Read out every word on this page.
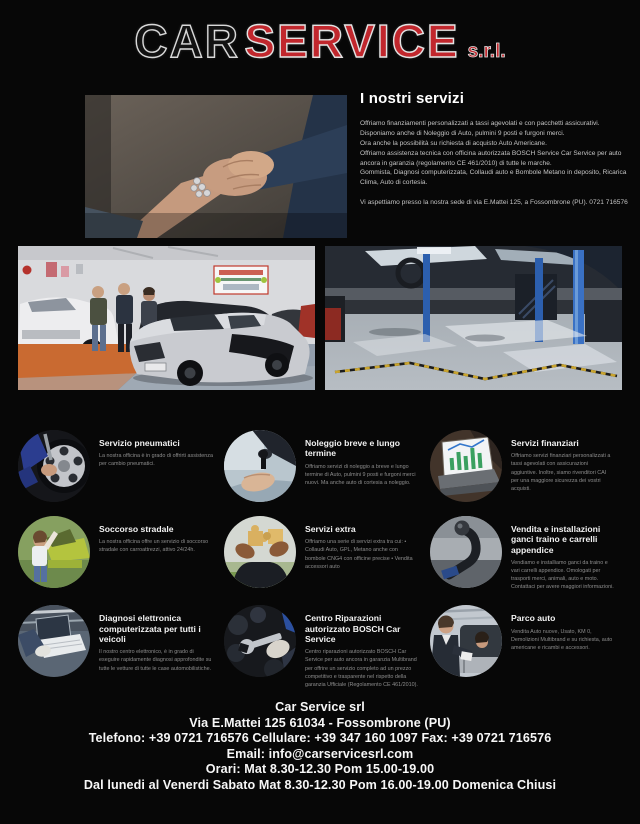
CAR SERVICE s.r.l.
I nostri servizi

Offriamo finanziamenti personalizzati a tassi agevolati e con pacchetti assicurativi.

Disponiamo anche di Noleggio di Auto, pulmini 9 posti e furgoni merci.

Ora anche la possibilità su richiesta di acquisto Auto Americane.

Offriamo assistenza tecnica con officina autorizzata BOSCH Service Car Service per auto ancora in garanzia (regolamento CE 461/2010) di tutte le marche.

Gommista, Diagnosi computerizzata, Collaudi auto e Bombole Metano in deposito, Ricarica Clima, Auto di cortesia.

Vi aspettiamo presso la nostra sede di via E.Mattei 125, a Fossombrone (PU). 0721 716576

Servizio pneumatici
La nostra officina è in grado di offrirti assistenza per cambio pneumatici.
Noleggio breve e lungo termine
Offriamo servizi di noleggio a breve e lungo termine di Auto, pulmini 9 posti e furgoni merci nuovi. Ma anche auto di cortesia a noleggio.
Servizi finanziari
Offriamo servizi finanziari personalizzati a tassi agevolati con assicurazioni aggiuntive. Inoltre, siamo rivenditori CAI per una maggiore sicurezza dei vostri acquisti.
Soccorso stradale
La nostra officina offre un servizio di soccorso stradale con carroattrezzi, attivo 24/24h.
Servizi extra
Offriamo una serie di servizi extra tra cui: • Collaudi Auto, GPL, Metano anche con bombole CNG4 con officine precise • Vendita accessori auto
Vendita e installazioni ganci traino e carrelli appendice
Vendiamo e installiamo ganci da traino e vari carrelli appendice. Omologati per trasporti merci, animali, auto e moto. Contattaci per avere maggiori informazioni.
Diagnosi elettronica computerizzata per tutti i veicoli
Il nostro centro elettronico, è in grado di eseguire rapidamente diagnosi approfondite su tutte le vetture di tutte le case automobilistiche.
Centro Riparazioni autorizzato BOSCH Car Service
Centro riparazioni autorizzato BOSCH Car Service per auto ancora in garanzia Multibrand per offrire un servizio completo ad un prezzo competitivo e trasparente nel rispetto della garanzia Ufficiale (Regolamento CE 461/2010).
Parco auto
Vendita Auto nuove, Usato, KM 0, Demolizioni Multibrand e su richiesta, auto americane e ricambi e accessori.
Car Service srl
Via E.Mattei 125 61034 - Fossombrone (PU)
Telefono: +39 0721 716576 Cellulare: +39 347 160 1097 Fax: +39 0721 716576
Email: info@carservicesrl.com
Orari: Mat 8.30-12.30 Pom 15.00-19.00
Dal lunedi al Venerdi Sabato Mat 8.30-12.30 Pom 16.00-19.00 Domenica Chiusi
